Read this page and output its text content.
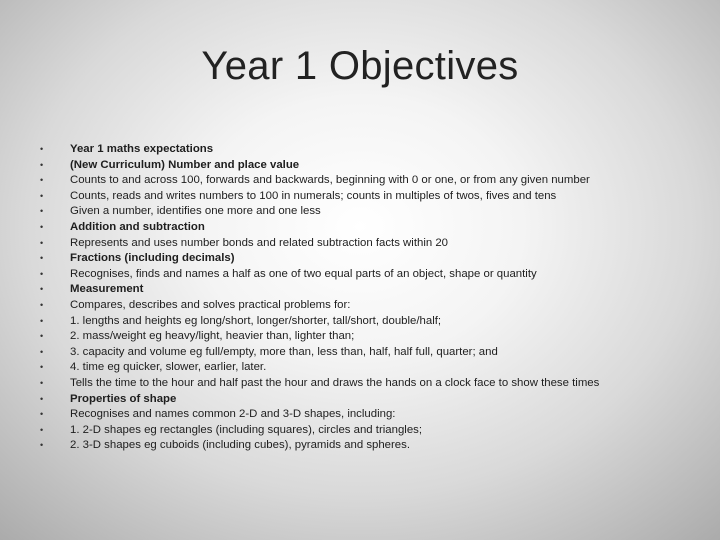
Year 1 Objectives
•	Year 1 maths expectations
•	(New Curriculum) Number and place value
•	Counts to and across 100, forwards and backwards, beginning with 0 or one, or from any given number
•	Counts, reads and writes numbers to 100 in numerals; counts in multiples of twos, fives and tens
•	Given a number, identifies one more and one less
•	Addition and subtraction
•	Represents and uses number bonds and related subtraction facts within 20
•	Fractions (including decimals)
•	Recognises, finds and names a half as one of two equal parts of an object, shape or quantity
•	Measurement
•	Compares, describes and solves practical problems for:
•	1. lengths and heights eg long/short, longer/shorter, tall/short, double/half;
•	2. mass/weight eg heavy/light, heavier than, lighter than;
•	3. capacity and volume eg full/empty, more than, less than, half, half full, quarter; and
•	4. time eg quicker, slower, earlier, later.
•	Tells the time to the hour and half past the hour and draws the hands on a clock face to show these times
•	Properties of shape
•	Recognises and names common 2-D and 3-D shapes, including:
•	1. 2-D shapes eg rectangles (including squares), circles and triangles;
•	2. 3-D shapes eg cuboids (including cubes), pyramids and spheres.
